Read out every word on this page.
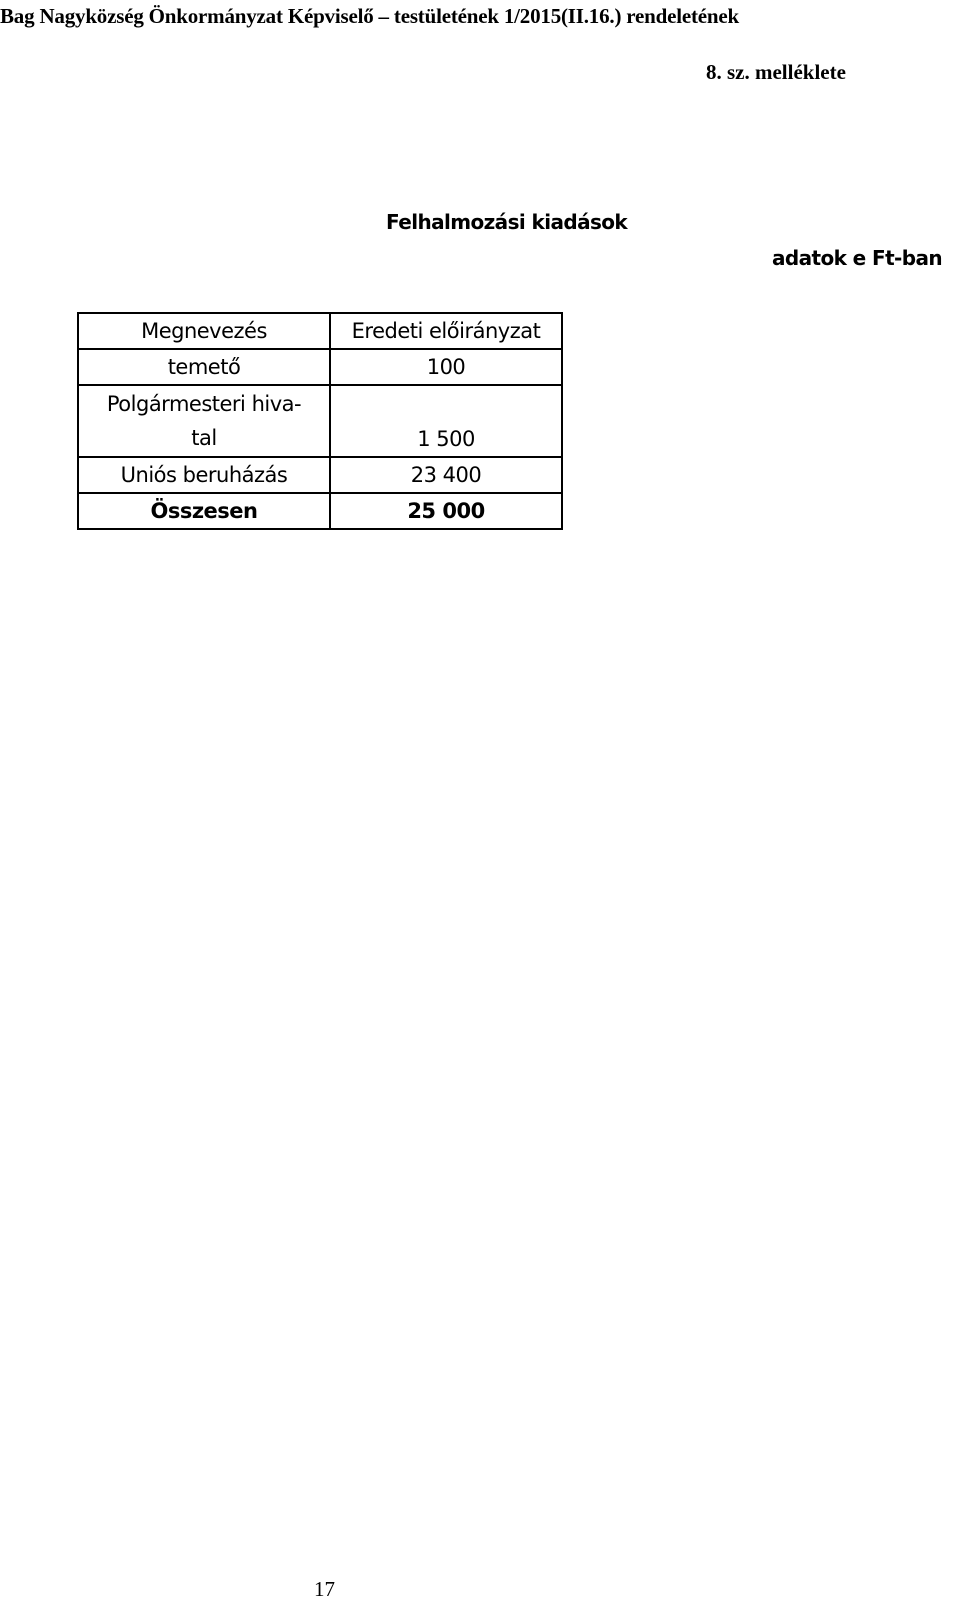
Bag Nagyközség Önkormányzat Képviselő – testületének 1/2015(II.16.) rendeletének
8. sz. melléklete
Felhalmozási kiadások
adatok e Ft-ban
Megnevezés	Eredeti előirányzat
temető	100
Polgármesteri hiva-
tal	1 500
Uniós beruházás	23 400
Összesen	25 000
17
